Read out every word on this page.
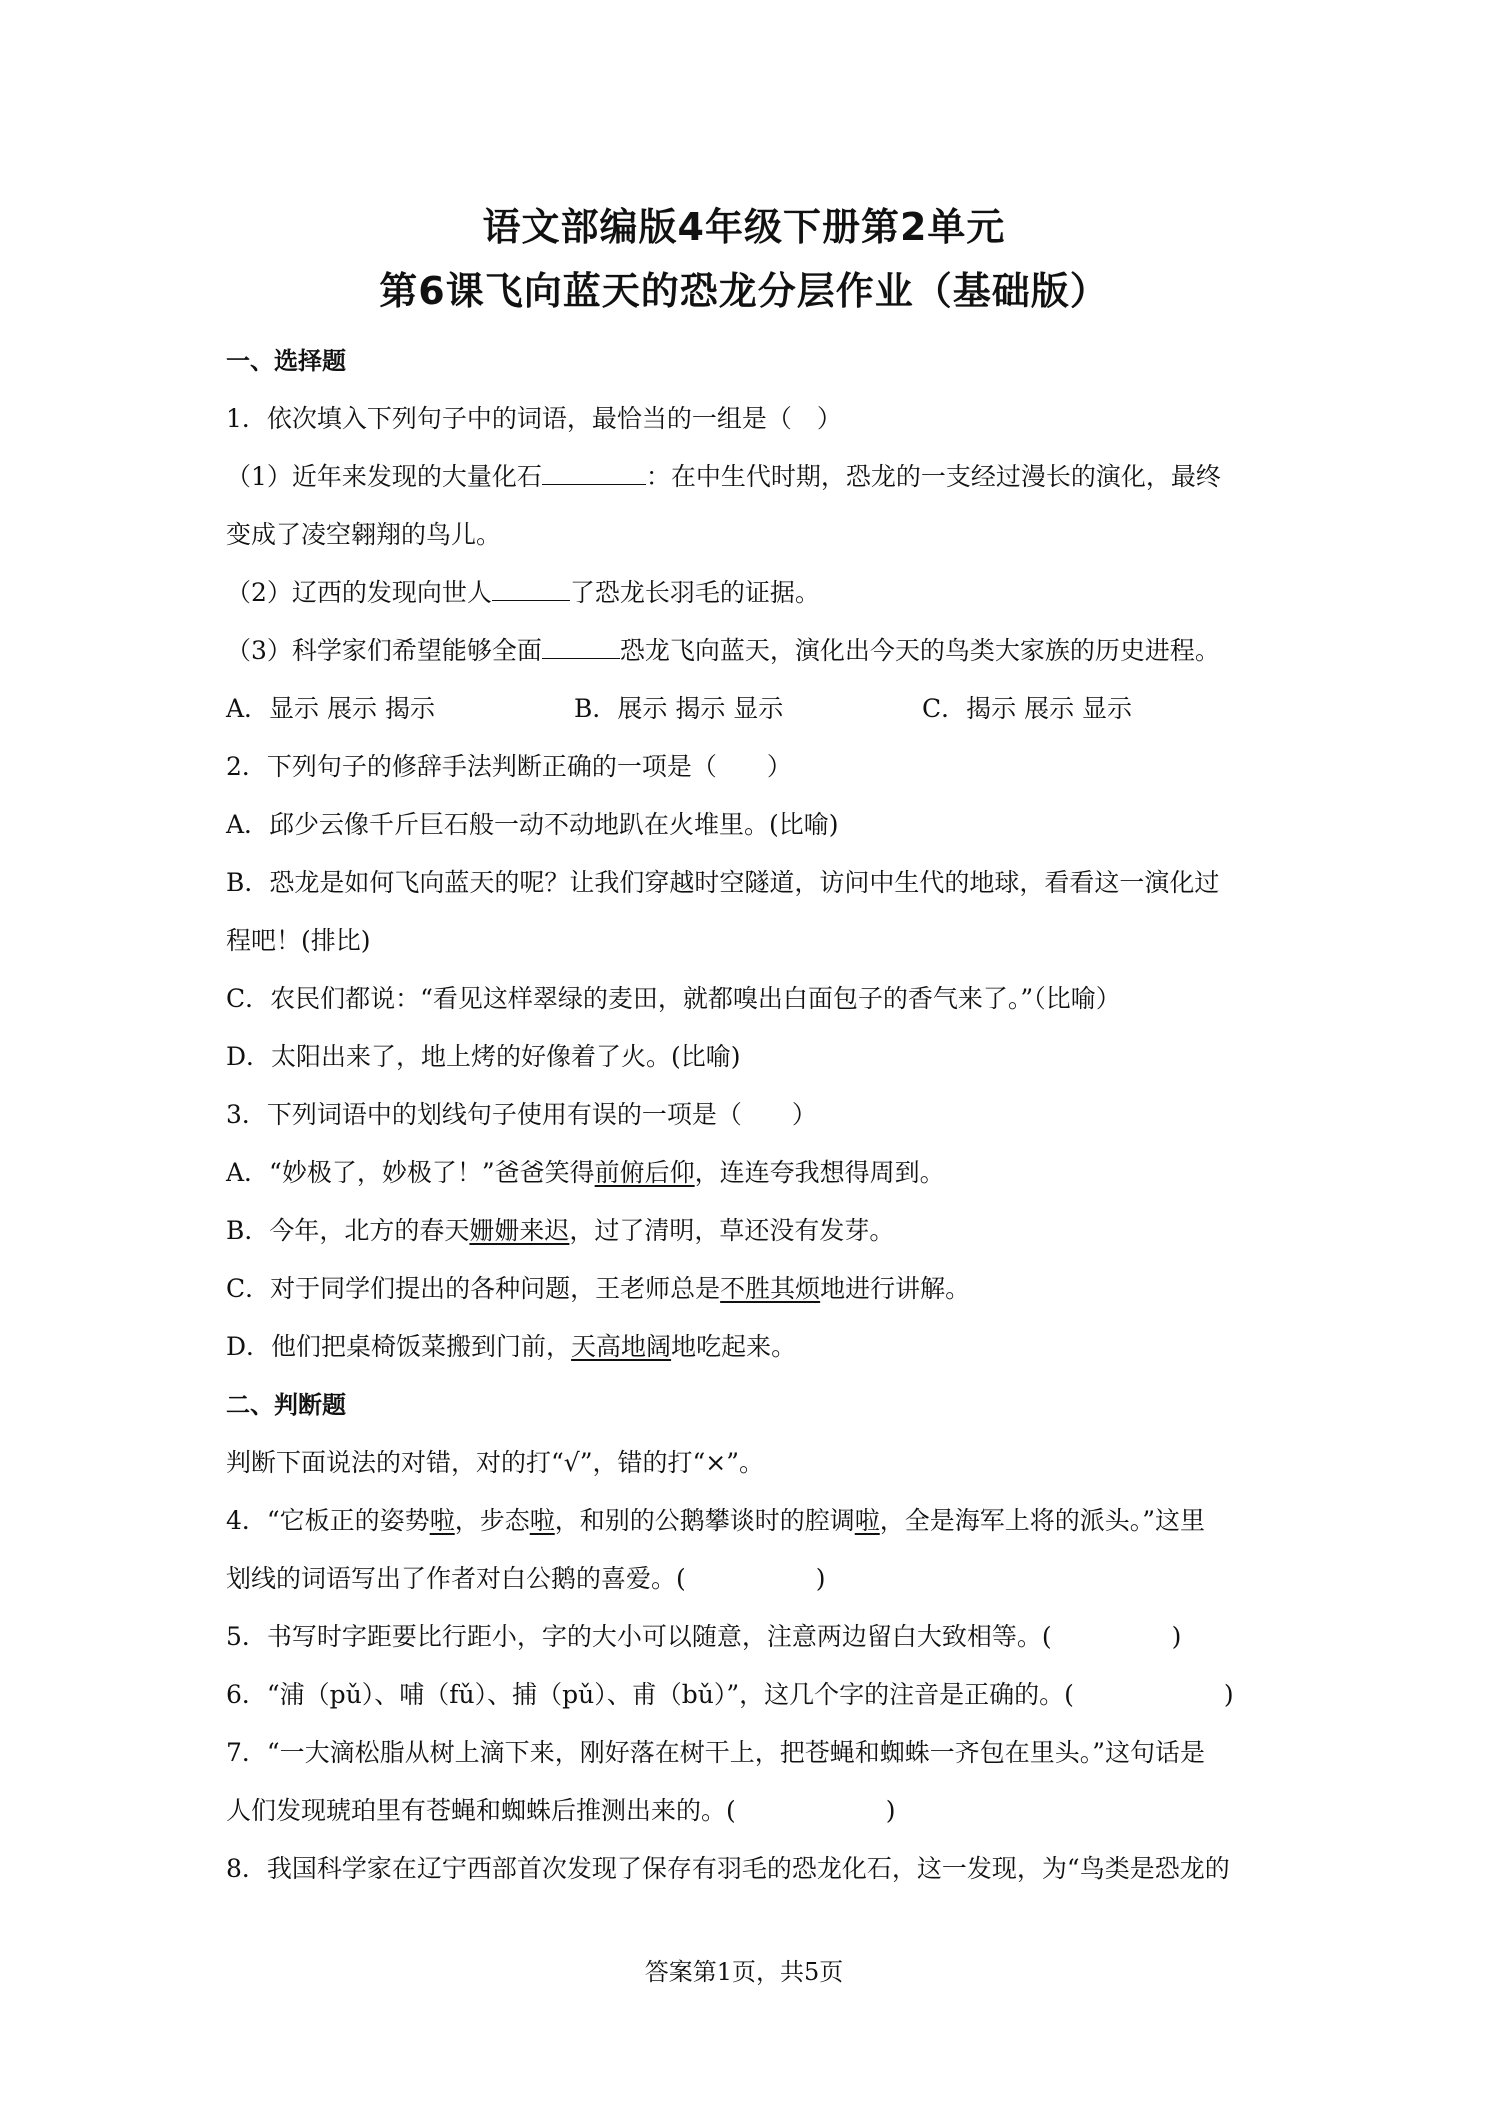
语文部编版4年级下册第2单元
第6课飞向蓝天的恐龙分层作业（基础版）
一、选择题
1．依次填入下列句子中的词语，最恰当的一组是（　）
（1）近年来发现的大量化石	：在中生代时期，恐龙的一支经过漫长的演化，最终
变成了凌空翱翔的鸟儿。
（2）辽西的发现向世人	了恐龙长羽毛的证据。
（3）科学家们希望能够全面	恐龙飞向蓝天，演化出今天的鸟类大家族的历史进程。
A．显示 展示 揭示	B．展示 揭示 显示	C．揭示 展示 显示
2．下列句子的修辞手法判断正确的一项是（　　）
A．邱少云像千斤巨石般一动不动地趴在火堆里。(比喻)
B．恐龙是如何飞向蓝天的呢？让我们穿越时空隧道，访问中生代的地球，看看这一演化过
程吧！(排比)
C．农民们都说：“看见这样翠绿的麦田，就都嗅出白面包子的香气来了。”（比喻）
D．太阳出来了，地上烤的好像着了火。(比喻)
3．下列词语中的划线句子使用有误的一项是（　　）
A．“妙极了，妙极了！”爸爸笑得前俯后仰，连连夸我想得周到。
B．今年，北方的春天姗姗来迟，过了清明，草还没有发芽。
C．对于同学们提出的各种问题，王老师总是不胜其烦地进行讲解。
D．他们把桌椅饭菜搬到门前，天高地阔地吃起来。
二、判断题
判断下面说法的对错，对的打“√”，错的打“×”。
4．“它板正的姿势啦，步态啦，和别的公鹅攀谈时的腔调啦，全是海军上将的派头。”这里
划线的词语写出了作者对白公鹅的喜爱。(	)
5．书写时字距要比行距小，字的大小可以随意，注意两边留白大致相等。(	)
6．“浦（pǔ）、哺（fǔ）、捕（pǔ）、甫（bǔ）”，这几个字的注音是正确的。(	)
7．“一大滴松脂从树上滴下来，刚好落在树干上，把苍蝇和蜘蛛一齐包在里头。”这句话是
人们发现琥珀里有苍蝇和蜘蛛后推测出来的。(	)
8．我国科学家在辽宁西部首次发现了保存有羽毛的恐龙化石，这一发现，为“鸟类是恐龙的
答案第1页，共5页
